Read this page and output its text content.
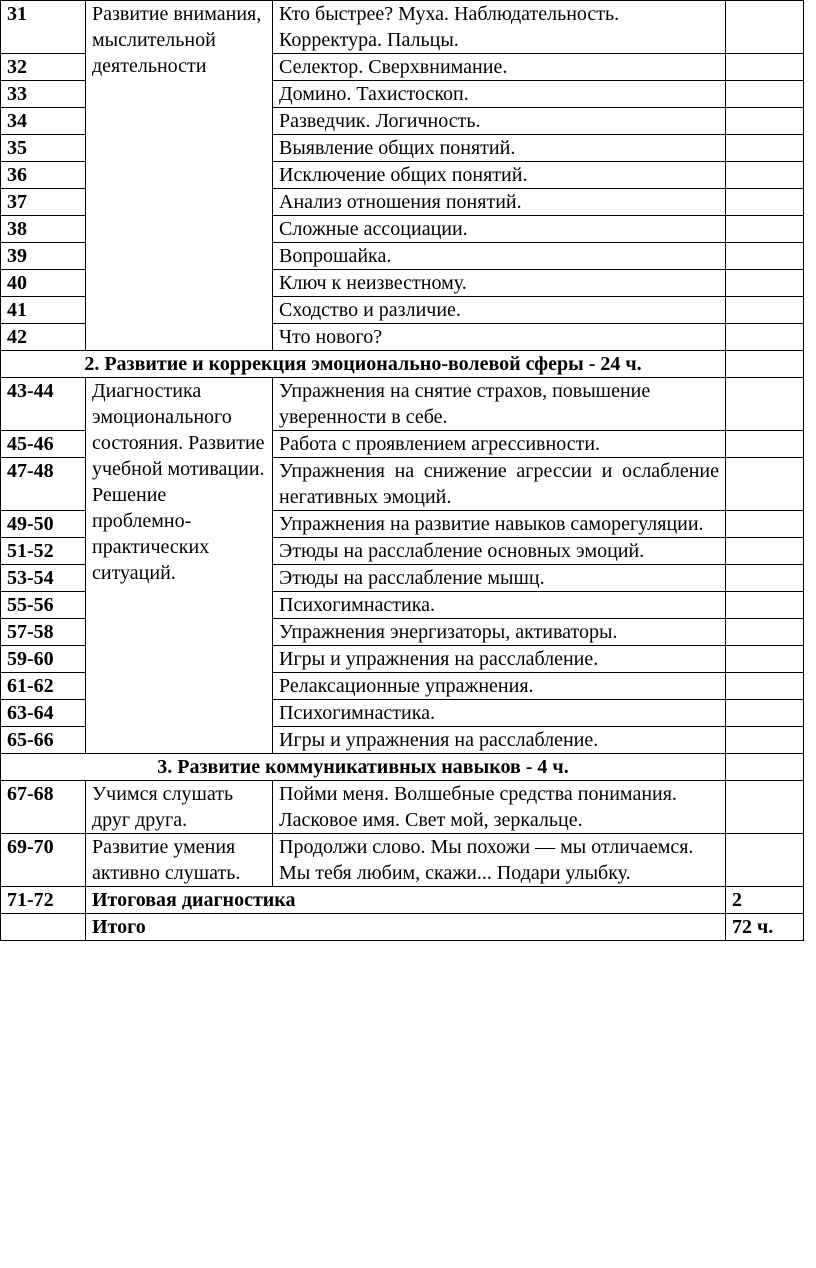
31	Развитие внимания, мыслительной деятельности	Кто быстрее? Муха. Наблюдательность. Корректура. Пальцы.	
32		Селектор. Сверхвнимание.	
33		Домино. Тахистоскоп.	
34		Разведчик. Логичность.	
35		Выявление общих понятий.	
36		Исключение общих понятий.	
37		Анализ отношения понятий.	
38		Сложные ассоциации.	
39		Вопрошайка.	
40		Ключ к неизвестному.	
41		Сходство и различие.	
42		Что нового?	
2. Развитие и коррекция эмоционально-волевой сферы - 24 ч.			
43-44	Диагностика эмоционального состояния. Развитие учебной мотивации. Решение проблемно-практических ситуаций.	Упражнения на снятие страхов, повышение уверенности в себе.	
45-46		Работа с проявлением агрессивности.	
47-48		Упражнения на снижение агрессии и ослабление негативных эмоций.	
49-50		Упражнения на развитие навыков саморегуляции.	
51-52		Этюды на расслабление основных эмоций.	
53-54		Этюды на расслабление мышц.	
55-56		Психогимнастика.	
57-58		Упражнения энергизаторы, активаторы.	
59-60		Игры и упражнения на расслабление.	
61-62		Релаксационные упражнения.	
63-64		Психогимнастика.	
65-66		Игры и упражнения на расслабление.	
3. Развитие коммуникативных навыков - 4 ч.			
67-68	Учимся слушать друг друга.	Пойми меня. Волшебные средства понимания. Ласковое имя. Свет мой, зеркальце.	
69-70	Развитие умения активно слушать.	Продолжи слово. Мы похожи — мы отличаемся. Мы тебя любим, скажи... Подари улыбку.	
71-72	Итоговая диагностика		2
	Итого		72 ч.
